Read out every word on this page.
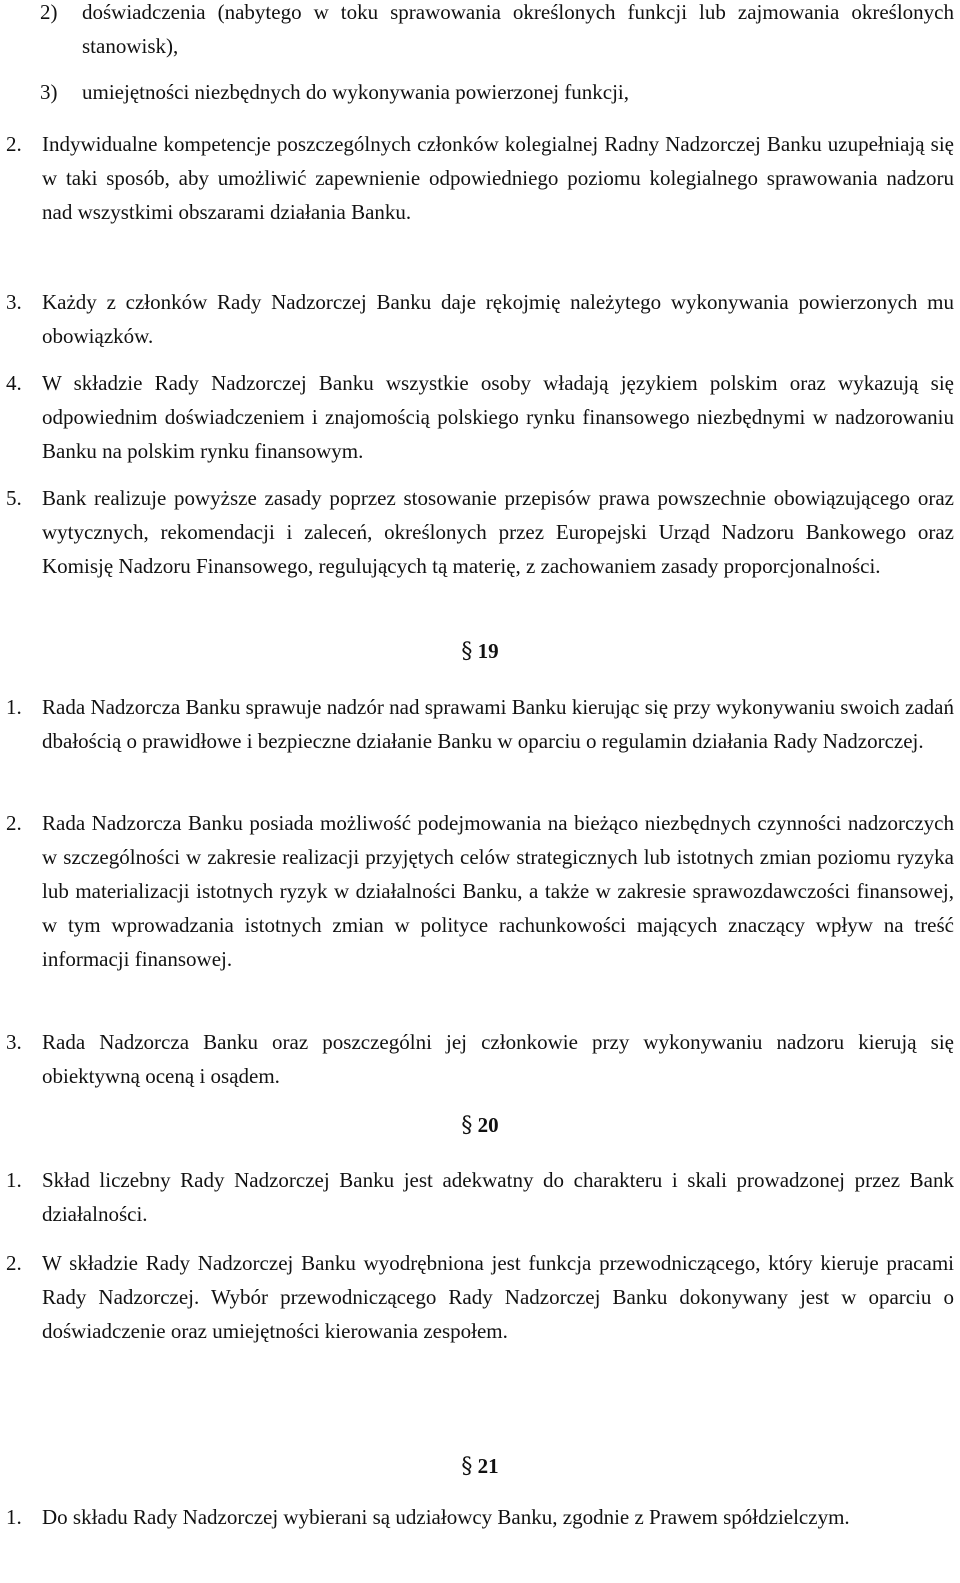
2)	doświadczenia (nabytego w toku sprawowania określonych funkcji lub zajmowania określonych stanowisk),
3)	umiejętności niezbędnych do wykonywania powierzonej funkcji,
2. Indywidualne kompetencje poszczególnych członków kolegialnej Radny Nadzorczej Banku uzupełniają się w taki sposób, aby umożliwić zapewnienie odpowiedniego poziomu kolegialnego sprawowania nadzoru nad wszystkimi obszarami działania Banku.
3. Każdy z członków Rady Nadzorczej Banku daje rękojmię należytego wykonywania powierzonych mu obowiązków.
4. W składzie Rady Nadzorczej Banku wszystkie osoby władają językiem polskim oraz wykazują się odpowiednim doświadczeniem i znajomością polskiego rynku finansowego niezbędnymi w nadzorowaniu Banku na polskim rynku finansowym.
5. Bank realizuje powyższe zasady poprzez stosowanie przepisów prawa powszechnie obowiązującego oraz wytycznych, rekomendacji i zaleceń, określonych przez Europejski Urząd Nadzoru Bankowego oraz Komisję Nadzoru Finansowego, regulujących tą materię, z zachowaniem zasady proporcjonalności.
§ 19
1. Rada Nadzorcza Banku sprawuje nadzór nad sprawami Banku kierując się przy wykonywaniu swoich zadań dbałością o prawidłowe i bezpieczne działanie Banku w oparciu o regulamin działania Rady Nadzorczej.
2. Rada Nadzorcza Banku posiada możliwość podejmowania na bieżąco niezbędnych czynności nadzorczych w szczególności w zakresie realizacji przyjętych celów strategicznych lub istotnych zmian poziomu ryzyka lub materializacji istotnych ryzyk w działalności Banku, a także w zakresie sprawozdawczości finansowej, w tym wprowadzania istotnych zmian w polityce rachunkowości mających znaczący wpływ na treść informacji finansowej.
3. Rada Nadzorcza Banku oraz poszczególni jej członkowie przy wykonywaniu nadzoru kierują się obiektywną oceną i osądem.
§ 20
1. Skład liczebny Rady Nadzorczej Banku jest adekwatny do charakteru i skali prowadzonej przez Bank działalności.
2. W składzie Rady Nadzorczej Banku wyodrębniona jest funkcja przewodniczącego, który kieruje pracami Rady Nadzorczej. Wybór przewodniczącego Rady Nadzorczej Banku dokonywany jest w oparciu o doświadczenie oraz umiejętności kierowania zespołem.
§ 21
1. Do składu Rady Nadzorczej wybierani są udziałowcy Banku, zgodnie z Prawem spółdzielczym.
